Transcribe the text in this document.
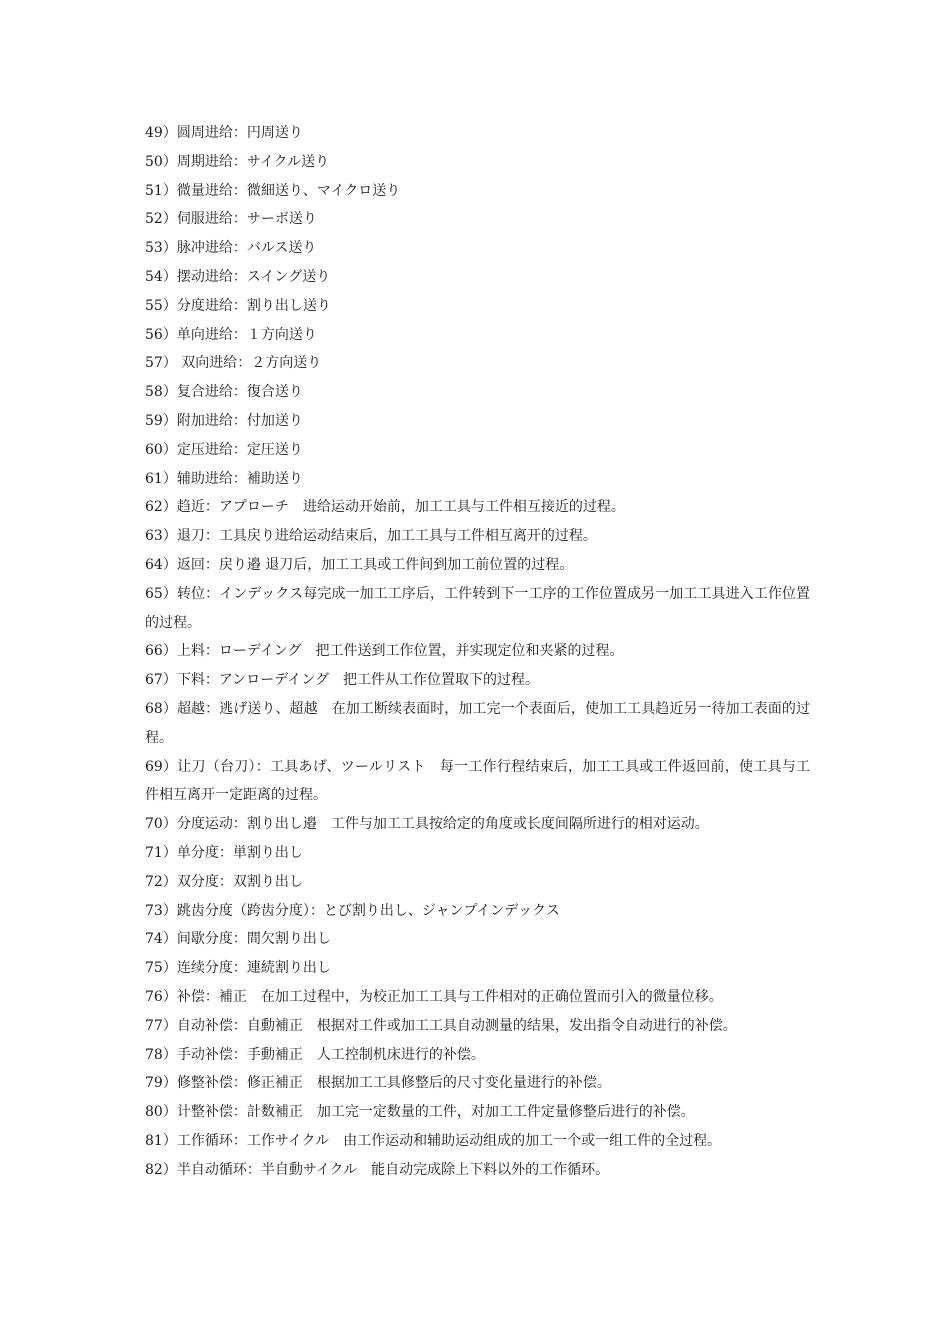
49）圆周进给：円周送り

50）周期进给：サイクル送り

51）微量进给：微細送り、マイクロ送り

52）伺服进给：サーボ送り

53）脉冲进给：バルス送り

54）摆动进给：スイング送り

55）分度进给：割り出し送り

56）单向进给：１方向送り

57） 双向进给：２方向送り

58）复合进给：復合送り

59）附加进给：付加送り

60）定压进给：定圧送り

61）辅助进给：補助送り

62）趋近：アプローチ　进给运动开始前，加工工具与工件相互接近的过程。

63）退刀：工具戻り进给运动结束后，加工工具与工件相互离开的过程。

64）返回：戻り邉 退刀后，加工工具或工件间到加工前位置的过程。

65）转位：インデックス每完成一加工工序后，工件转到下一工序的工作位置成另一加工工具进入工作位置的过程。

66）上料：ローデイング　把工件送到工作位置，并实现定位和夹紧的过程。

67）下料：アンローデイング　把工件从工作位置取下的过程。

68）超越：逃げ送り、超越　在加工断续表面时，加工完一个表面后，使加工工具趋近另一待加工表面的过程。

69）让刀（台刀）：工具あげ、ツールリスト　每一工作行程结束后，加工工具或工件返回前，使工具与工件相互离开一定距离的过程。

70）分度运动：割り出し邉　工件与加工工具按给定的角度或长度间隔所进行的相对运动。

71）单分度：単割り出し

72）双分度：双割り出し

73）跳齿分度（跨齿分度）：とび割り出し、ジャンプインデックス

74）间歇分度：間欠割り出し

75）连续分度：連続割り出し

76）补偿：補正　在加工过程中，为校正加工工具与工件相对的正确位置而引入的微量位移。

77）自动补偿：自動補正　根据对工件或加工工具自动测量的结果，发出指令自动进行的补偿。

78）手动补偿：手動補正　人工控制机床进行的补偿。

79）修整补偿：修正補正　根据加工工具修整后的尺寸变化量进行的补偿。

80）计整补偿：計数補正　加工完一定数量的工件，对加工工件定量修整后进行的补偿。

81）工作循环：工作サイクル　由工作运动和辅助运动组成的加工一个或一组工件的全过程。

82）半自动循环：半自動サイクル　能自动完成除上下料以外的工作循环。
